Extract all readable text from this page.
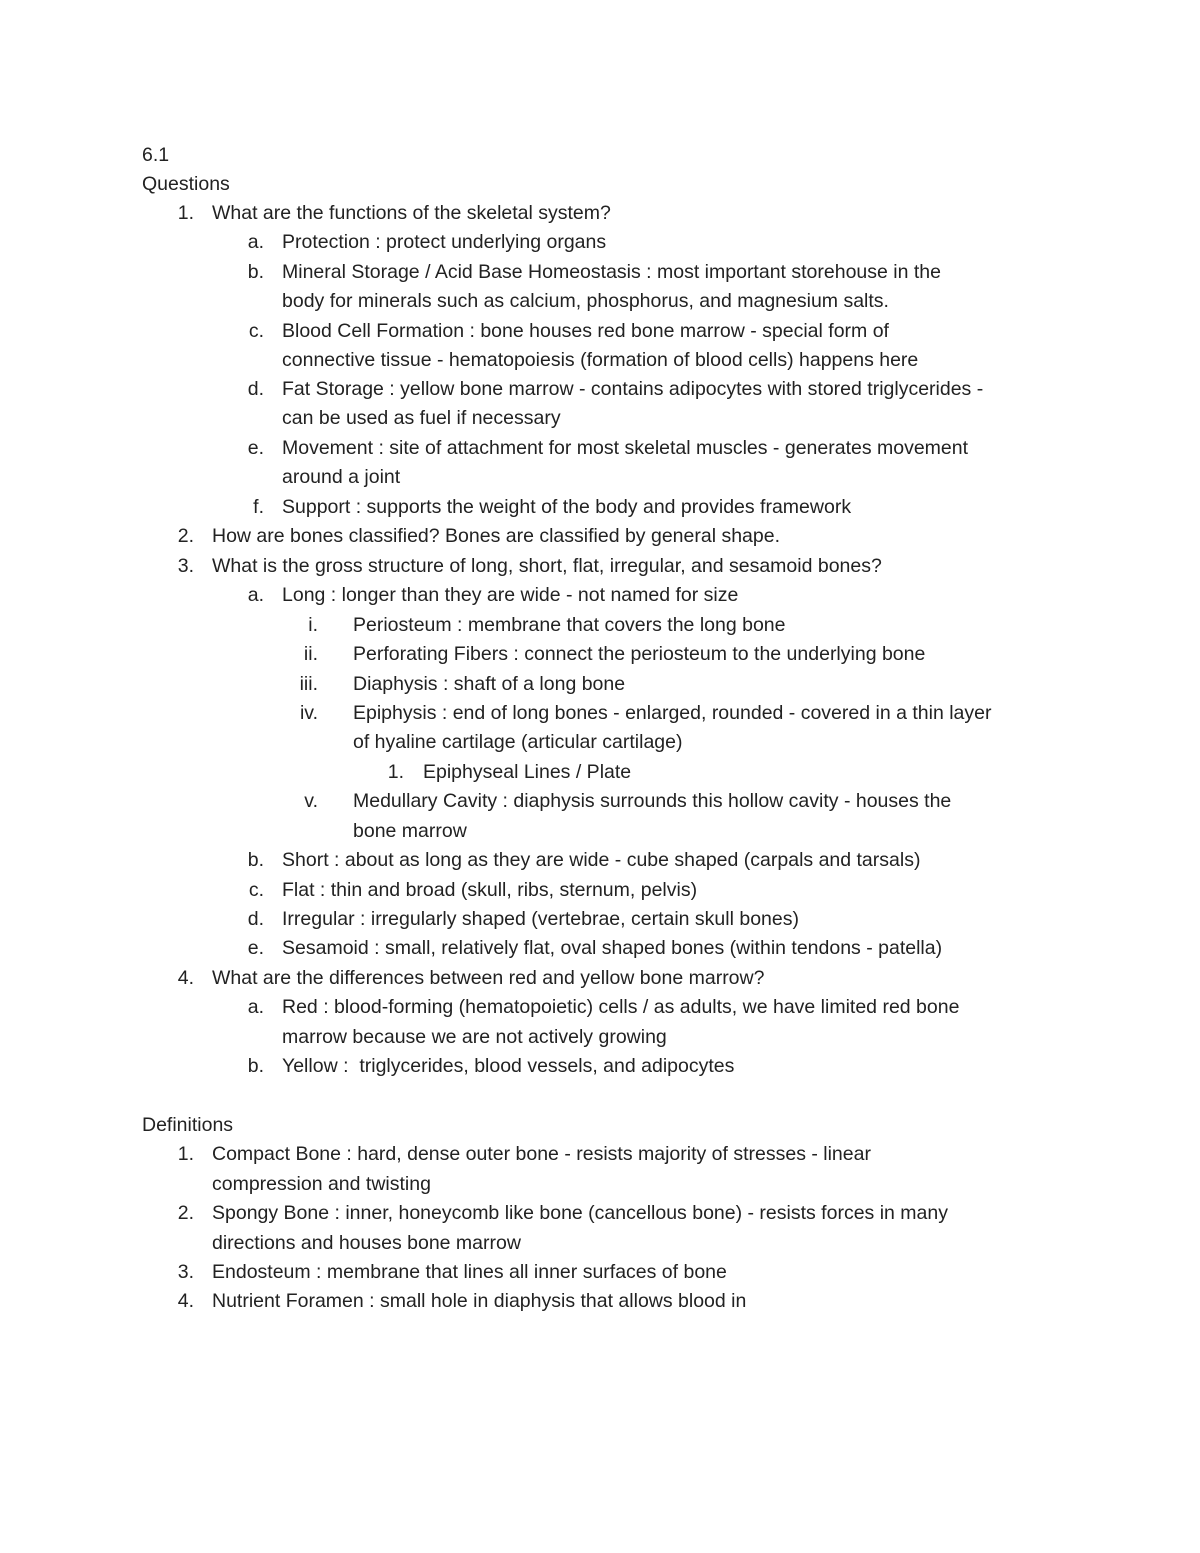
6.1
Questions
1. What are the functions of the skeletal system?
a. Protection : protect underlying organs
b. Mineral Storage / Acid Base Homeostasis : most important storehouse in the
body for minerals such as calcium, phosphorus, and magnesium salts.
c. Blood Cell Formation : bone houses red bone marrow - special form of
connective tissue - hematopoiesis (formation of blood cells) happens here
d. Fat Storage : yellow bone marrow - contains adipocytes with stored triglycerides -
can be used as fuel if necessary
e. Movement : site of attachment for most skeletal muscles - generates movement
around a joint
f. Support : supports the weight of the body and provides framework
2. How are bones classified? Bones are classified by general shape.
3. What is the gross structure of long, short, flat, irregular, and sesamoid bones?
a. Long : longer than they are wide - not named for size
i. Periosteum : membrane that covers the long bone
ii. Perforating Fibers : connect the periosteum to the underlying bone
iii. Diaphysis : shaft of a long bone
iv. Epiphysis : end of long bones - enlarged, rounded - covered in a thin layer
of hyaline cartilage (articular cartilage)
1. Epiphyseal Lines / Plate
v. Medullary Cavity : diaphysis surrounds this hollow cavity - houses the
bone marrow
b. Short : about as long as they are wide - cube shaped (carpals and tarsals)
c. Flat : thin and broad (skull, ribs, sternum, pelvis)
d. Irregular : irregularly shaped (vertebrae, certain skull bones)
e. Sesamoid : small, relatively flat, oval shaped bones (within tendons - patella)
4. What are the differences between red and yellow bone marrow?
a. Red : blood-forming (hematopoietic) cells / as adults, we have limited red bone
marrow because we are not actively growing
b. Yellow :  triglycerides, blood vessels, and adipocytes
Definitions
1. Compact Bone : hard, dense outer bone - resists majority of stresses - linear
compression and twisting
2. Spongy Bone : inner, honeycomb like bone (cancellous bone) - resists forces in many
directions and houses bone marrow
3. Endosteum : membrane that lines all inner surfaces of bone
4. Nutrient Foramen : small hole in diaphysis that allows blood in
